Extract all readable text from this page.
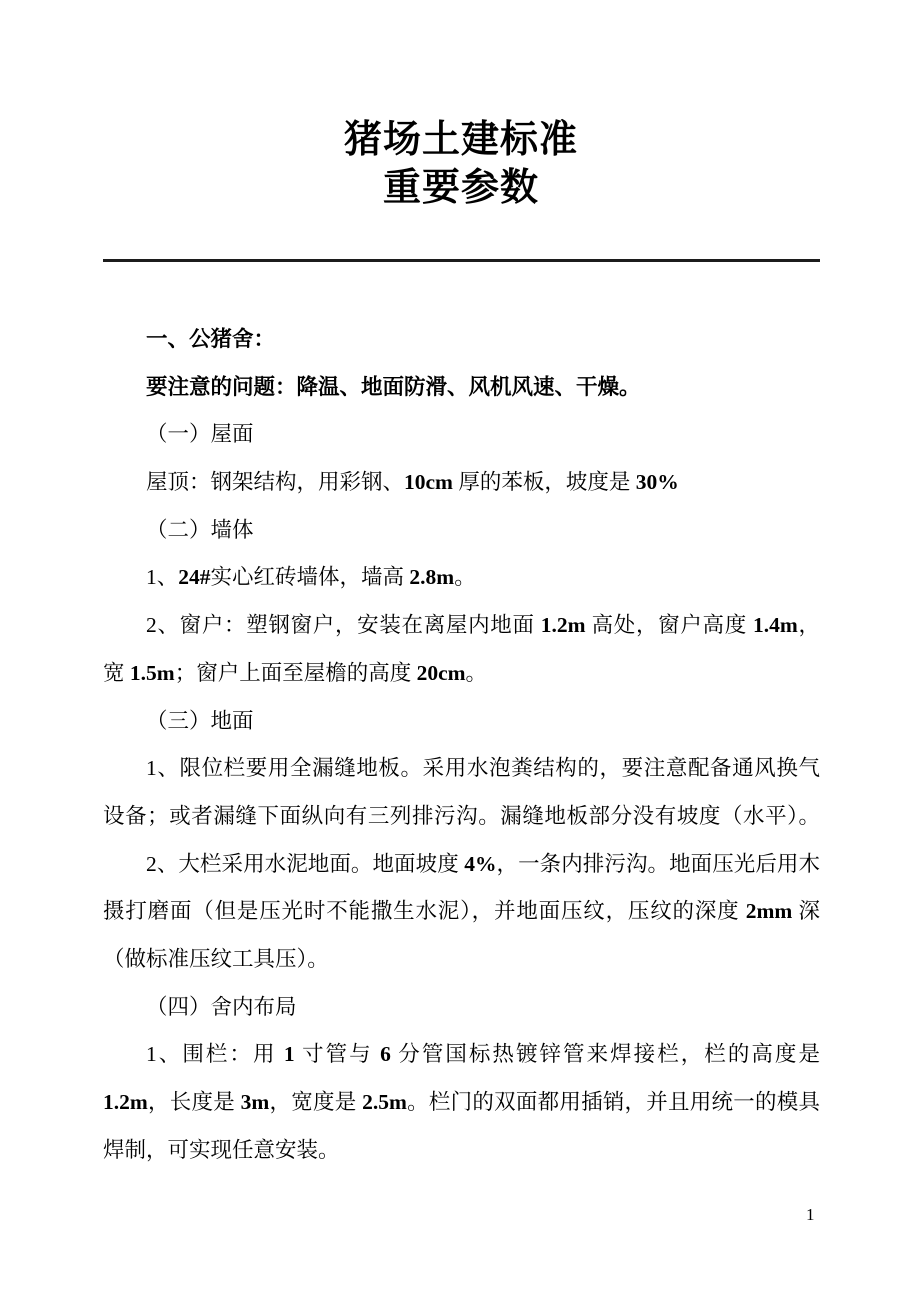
猪场土建标准
重要参数
一、公猪舍：
要注意的问题：降温、地面防滑、风机风速、干燥。
（一）屋面
屋顶：钢架结构，用彩钢、10cm 厚的苯板，坡度是 30%
（二）墙体
1、24#实心红砖墙体，墙高 2.8m。
2、窗户：塑钢窗户，安装在离屋内地面 1.2m 高处，窗户高度 1.4m，
宽 1.5m；窗户上面至屋檐的高度 20cm。
（三）地面
1、限位栏要用全漏缝地板。采用水泡粪结构的，要注意配备通风换气
设备；或者漏缝下面纵向有三列排污沟。漏缝地板部分没有坡度（水平）。
2、大栏采用水泥地面。地面坡度 4%，一条内排污沟。地面压光后用木
摄打磨面（但是压光时不能撒生水泥），并地面压纹，压纹的深度 2mm 深
（做标准压纹工具压）。
（四）舍内布局
1、围栏：用 1 寸管与 6 分管国标热镀锌管来焊接栏，栏的高度是
1.2m，长度是 3m，宽度是 2.5m。栏门的双面都用插销，并且用统一的模具
焊制，可实现任意安装。
1
